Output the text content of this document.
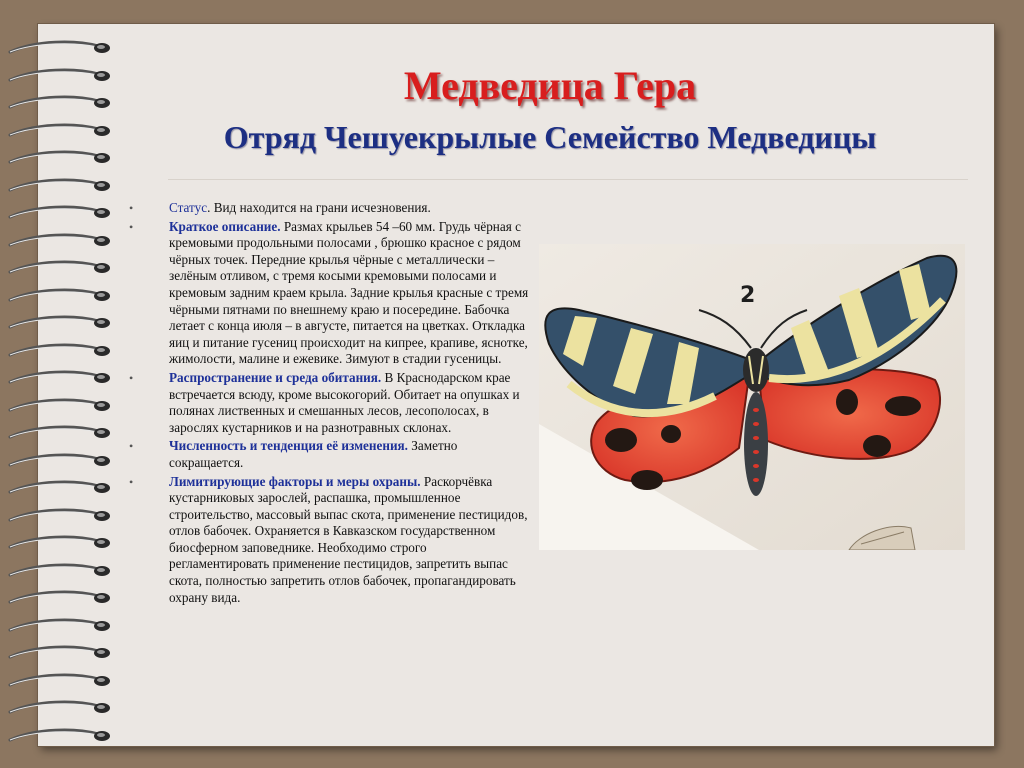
Медведица Гера
Отряд Чешуекрылые Семейство Медведицы
•	Статус. Вид находится на грани исчезновения.
•	Краткое описание. Размах крыльев 54 –60 мм. Грудь чёрная с кремовыми продольными полосами , брюшко красное с рядом чёрных точек. Передние крылья чёрные с металлически – зелёным отливом, с тремя косыми кремовыми полосами и кремовым задним краем крыла. Задние крылья красные с тремя чёрными пятнами по внешнему краю и посередине. Бабочка летает с конца июля – в августе, питается на цветках. Откладка яиц и питание гусениц происходит на кипрее, крапиве, яснотке, жимолости, малине и ежевике. Зимуют в стадии гусеницы.
•	Распространение и среда обитания. В Краснодарском крае встречается всюду, кроме высокогорий. Обитает на опушках и полянах лиственных и смешанных лесов, лесополосах, в зарослях кустарников и на разнотравных склонах.
•	Численность и тенденция её изменения. Заметно сокращается.
•	Лимитирующие факторы и меры охраны. Раскорчёвка кустарниковых зарослей, распашка, промышленное строительство, массовый выпас скота, применение пестицидов, отлов бабочек. Охраняется в Кавказском государственном биосферном заповеднике. Необходимо строго регламентировать применение пестицидов, запретить выпас скота, полностью запретить отлов бабочек, пропагандировать охрану вида.
2
